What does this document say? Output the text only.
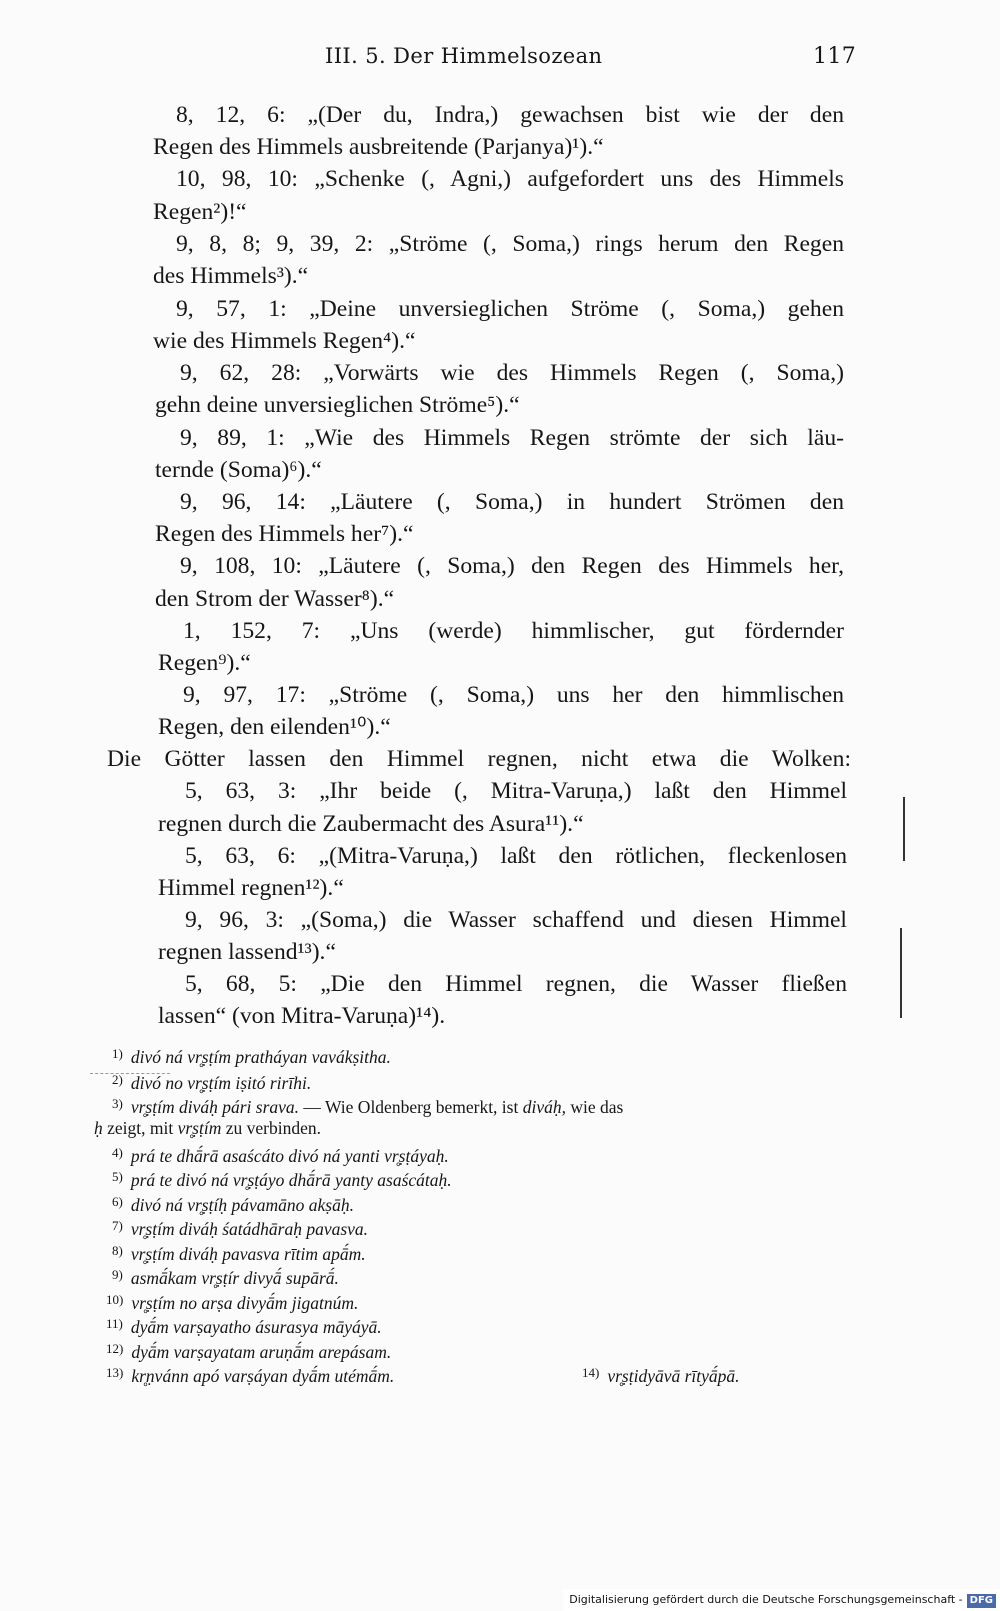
III. 5. Der Himmelsozean	117
8, 12, 6: „(Der du, Indra,) gewachsen bist wie der den
Regen des Himmels ausbreitende (Parjanya)¹).“
10, 98, 10: „Schenke (, Agni,) aufgefordert uns des Himmels
Regen²)!“
9, 8, 8; 9, 39, 2: „Ströme (, Soma,) rings herum den Regen
des Himmels³).“
9, 57, 1: „Deine unversieglichen Ströme (, Soma,) gehen
wie des Himmels Regen⁴).“
9, 62, 28: „Vorwärts wie des Himmels Regen (, Soma,)
gehn deine unversieglichen Ströme⁵).“
9, 89, 1: „Wie des Himmels Regen strömte der sich läu-
ternde (Soma)⁶).“
9, 96, 14: „Läutere (, Soma,) in hundert Strömen den
Regen des Himmels her⁷).“
9, 108, 10: „Läutere (, Soma,) den Regen des Himmels her,
den Strom der Wasser⁸).“
1, 152, 7: „Uns (werde) himmlischer, gut fördernder
Regen⁹).“
9, 97, 17: „Ströme (, Soma,) uns her den himmlischen
Regen, den eilenden¹⁰).“
Die Götter lassen den Himmel regnen, nicht etwa die Wolken:
5, 63, 3: „Ihr beide (, Mitra-Varuṇa,) laßt den Himmel
regnen durch die Zaubermacht des Asura¹¹).“
5, 63, 6: „(Mitra-Varuṇa,) laßt den rötlichen, fleckenlosen
Himmel regnen¹²).“
9, 96, 3: „(Soma,) die Wasser schaffend und diesen Himmel
regnen lassend¹³).“
5, 68, 5: „Die den Himmel regnen, die Wasser fließen
lassen“ (von Mitra-Varuṇa)¹⁴).
$^{1)}$ divó ná vr̥ṣṭím pratháyan vavákṣitha.
$^{2)}$ divó no vr̥ṣṭím iṣitó rirīhi.
$^{3)}$ vr̥ṣṭím diváḥ pári srava. — Wie Oldenberg bemerkt, ist diváḥ, wie das
ḥ zeigt, mit vr̥ṣṭím zu verbinden.
$^{4)}$ prá te dhā́rā asaścáto divó ná yanti vr̥ṣṭáyaḥ.
$^{5)}$ prá te divó ná vr̥ṣṭáyo dhā́rā yanty asaścátaḥ.
$^{6)}$ divó ná vr̥ṣṭíḥ pávamāno akṣāḥ.
$^{7)}$ vr̥ṣṭím diváḥ śatádhāraḥ pavasva.
$^{8)}$ vr̥ṣṭím diváḥ pavasva rītim apā́m.
$^{9)}$ asmā́kam vr̥ṣṭír divyā́ supārā́.
$^{10)}$ vr̥ṣṭím no arṣa divyā́m jigatnúm.
$^{11)}$ dyā́m varṣayatho ásurasya māyáyā.
$^{12)}$ dyā́m varṣayatam aruṇā́m arepásam.
$^{13)}$ kr̥ṇvánn apó varṣáyan dyā́m utémā́m.	$^{14)}$ vr̥ṣṭidyāvā rītyā́pā.
Digitalisierung gefördert durch die Deutsche Forschungsgemeinschaft - DFG
